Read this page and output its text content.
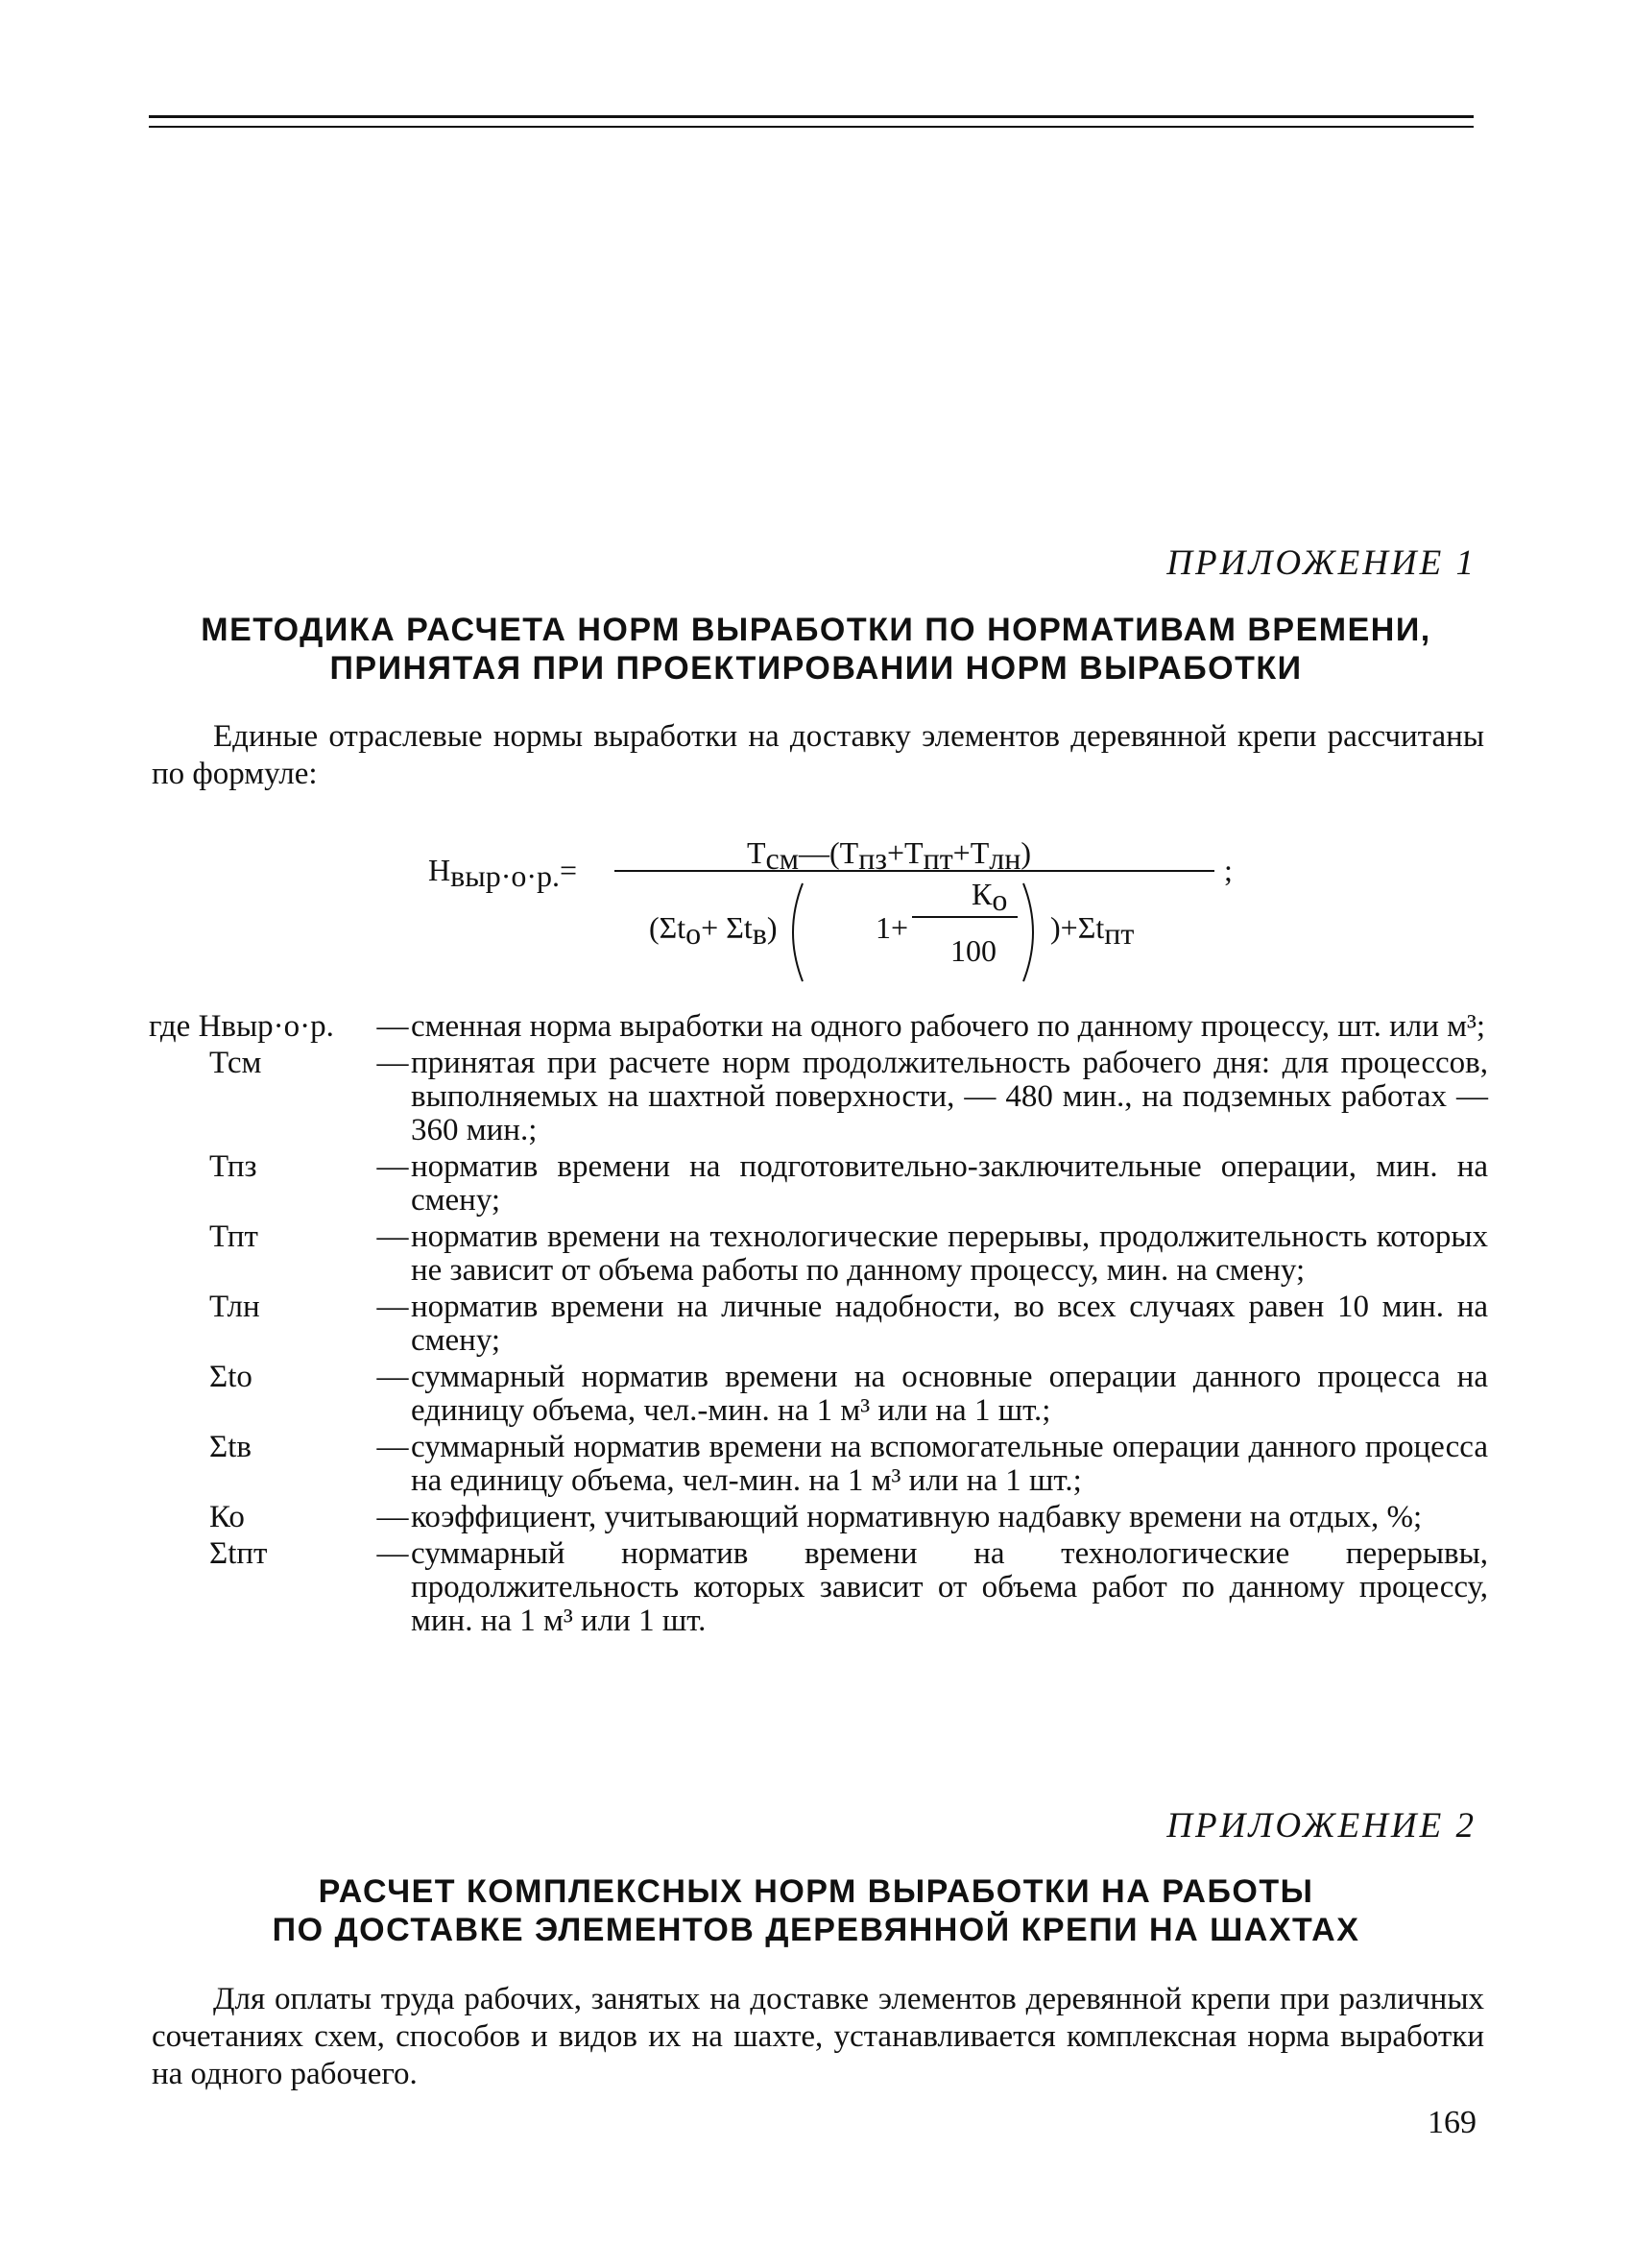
ПРИЛОЖЕНИЕ 1
МЕТОДИКА РАСЧЕТА НОРМ ВЫРАБОТКИ ПО НОРМАТИВАМ ВРЕМЕНИ,
ПРИНЯТАЯ ПРИ ПРОЕКТИРОВАНИИ НОРМ ВЫРАБОТКИ
Единые отраслевые нормы выработки на доставку элементов деревянной крепи рассчитаны по формуле:
Нвыр·о·р.=	Тсм—(Тпз+Тпт+Тлн)	;
(Σtо+ Σtв)	1+
Ко
100
)+Σtпт
где Нвыр·о·р.	— сменная норма выработки на одного рабочего по данному процессу, шт. или м³;
Тсм	— принятая при расчете норм продолжительность рабочего дня: для процессов, выполняемых на шахтной поверхности, — 480 мин., на подземных работах — 360 мин.;
Тпз	— норматив времени на подготовительно-заключительные операции, мин. на смену;
Тпт	— норматив времени на технологические перерывы, продолжительность которых не зависит от объема работы по данному процессу, мин. на смену;
Тлн	— норматив времени на личные надобности, во всех случаях равен 10 мин. на смену;
Σtо	— суммарный норматив времени на основные операции данного процесса на единицу объема, чел.-мин. на 1 м³ или на 1 шт.;
Σtв	— суммарный норматив времени на вспомогательные операции данного процесса на единицу объема, чел-мин. на 1 м³ или на 1 шт.;
Ко	— коэффициент, учитывающий нормативную надбавку времени на отдых, %;
Σtпт	— суммарный норматив времени на технологические перерывы, продолжительность которых зависит от объема работ по данному процессу, мин. на 1 м³ или 1 шт.
ПРИЛОЖЕНИЕ 2
РАСЧЕТ КОМПЛЕКСНЫХ НОРМ ВЫРАБОТКИ НА РАБОТЫ
ПО ДОСТАВКЕ ЭЛЕМЕНТОВ ДЕРЕВЯННОЙ КРЕПИ НА ШАХТАХ
Для оплаты труда рабочих, занятых на доставке элементов деревянной крепи при различных сочетаниях схем, способов и видов их на шахте, устанавливается комплексная норма выработки на одного рабочего.
169
